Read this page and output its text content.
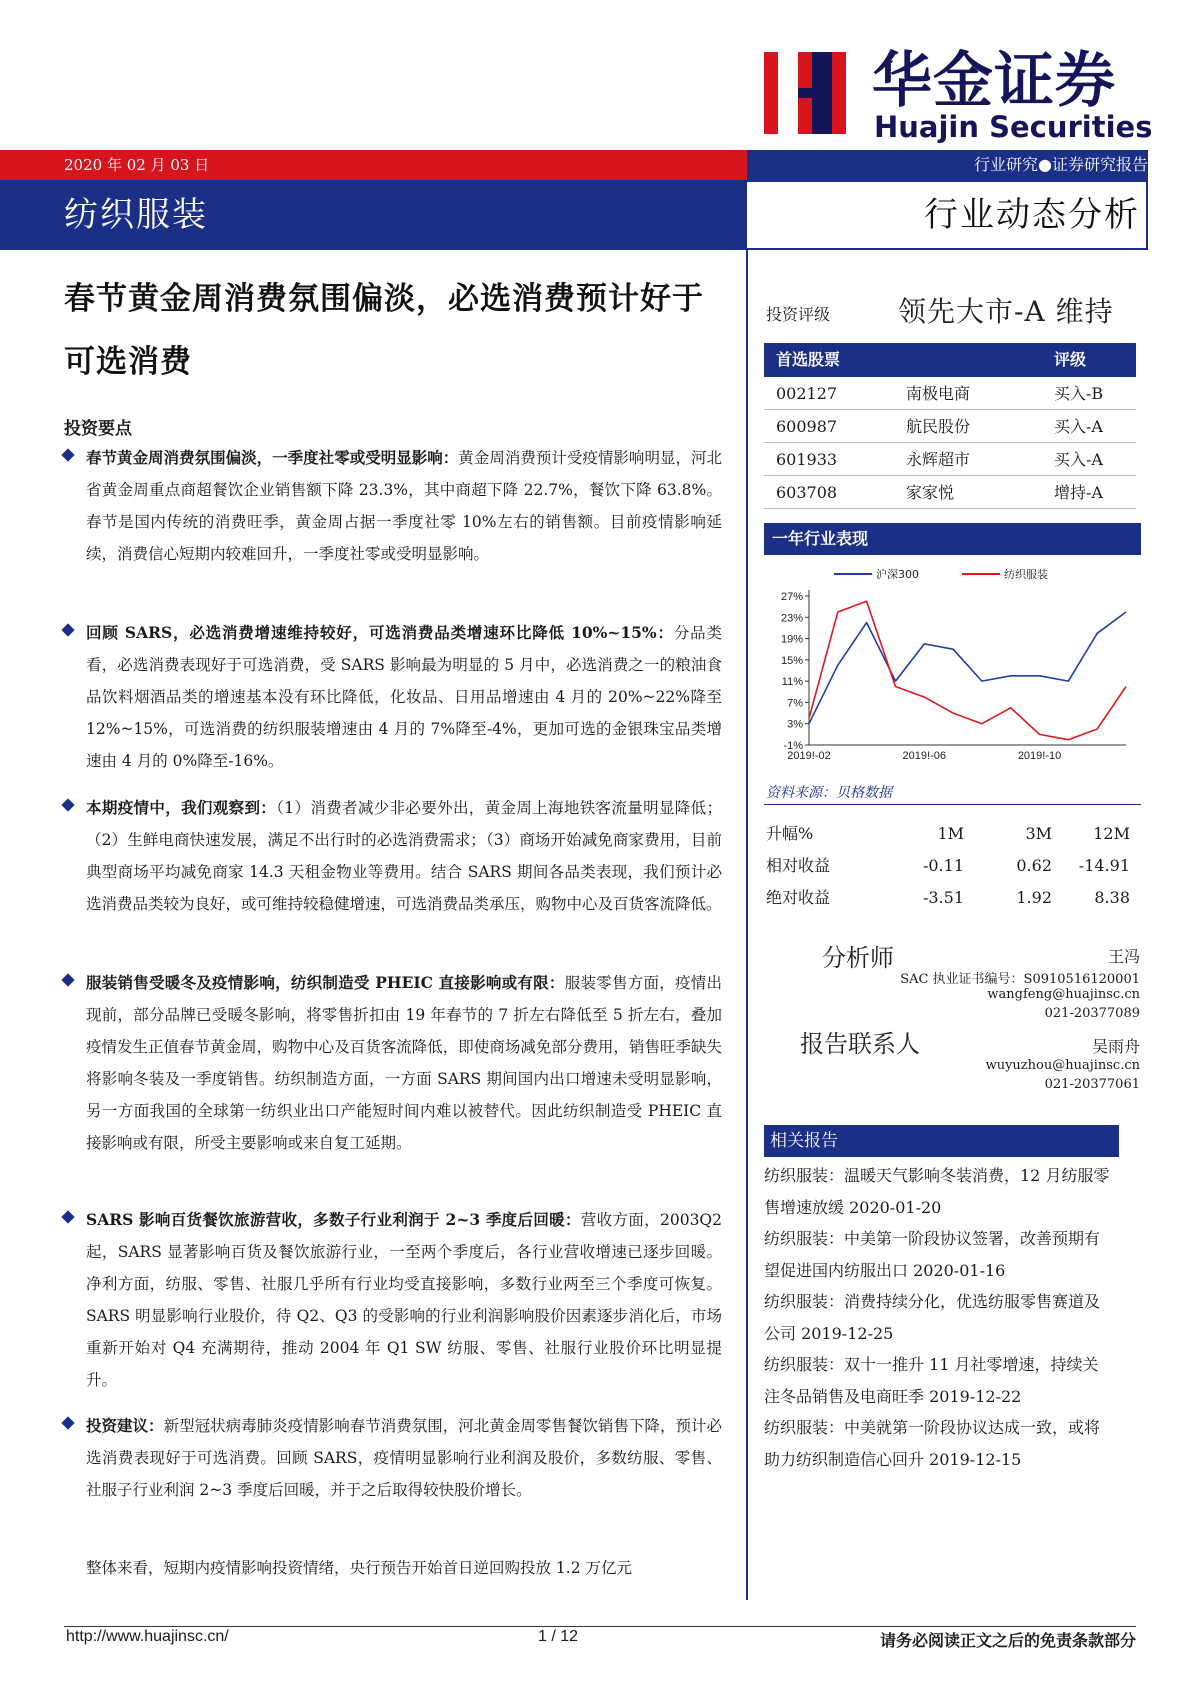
华金证券
Huajin Securities
2020 年 02 月 03 日	行业研究●证券研究报告
纺织服装	行业动态分析
春节黄金周消费氛围偏淡，必选消费预计好于可选消费
投资要点
春节黄金周消费氛围偏淡，一季度社零或受明显影响：黄金周消费预计受疫情影响明显，河北省黄金周重点商超餐饮企业销售额下降 23.3%，其中商超下降 22.7%，餐饮下降 63.8%。春节是国内传统的消费旺季，黄金周占据一季度社零 10%左右的销售额。目前疫情影响延续，消费信心短期内较难回升，一季度社零或受明显影响。
回顾 SARS，必选消费增速维持较好，可选消费品类增速环比降低 10%~15%：分品类看，必选消费表现好于可选消费，受 SARS 影响最为明显的 5 月中，必选消费之一的粮油食品饮料烟酒品类的增速基本没有环比降低，化妆品、日用品增速由 4 月的 20%~22%降至 12%~15%，可选消费的纺织服装增速由 4 月的 7%降至-4%，更加可选的金银珠宝品类增速由 4 月的 0%降至-16%。
本期疫情中，我们观察到：（1）消费者减少非必要外出，黄金周上海地铁客流量明显降低；（2）生鲜电商快速发展，满足不出行时的必选消费需求；（3）商场开始减免商家费用，目前典型商场平均减免商家 14.3 天租金物业等费用。结合 SARS 期间各品类表现，我们预计必选消费品类较为良好，或可维持较稳健增速，可选消费品类承压，购物中心及百货客流降低。
服装销售受暖冬及疫情影响，纺织制造受 PHEIC 直接影响或有限：服装零售方面，疫情出现前，部分品牌已受暖冬影响，将零售折扣由 19 年春节的 7 折左右降低至 5 折左右，叠加疫情发生正值春节黄金周，购物中心及百货客流降低，即使商场减免部分费用，销售旺季缺失将影响冬装及一季度销售。纺织制造方面，一方面 SARS 期间国内出口增速未受明显影响，另一方面我国的全球第一纺织业出口产能短时间内难以被替代。因此纺织制造受 PHEIC 直接影响或有限，所受主要影响或来自复工延期。
SARS 影响百货餐饮旅游营收，多数子行业利润于 2~3 季度后回暖：营收方面，2003Q2 起，SARS 显著影响百货及餐饮旅游行业，一至两个季度后，各行业营收增速已逐步回暖。净利方面，纺服、零售、社服几乎所有行业均受直接影响，多数行业两至三个季度可恢复。SARS 明显影响行业股价，待 Q2、Q3 的受影响的行业利润影响股价因素逐步消化后，市场重新开始对 Q4 充满期待，推动 2004 年 Q1 SW 纺服、零售、社服行业股价环比明显提升。
投资建议：新型冠状病毒肺炎疫情影响春节消费氛围，河北黄金周零售餐饮销售下降，预计必选消费表现好于可选消费。回顾 SARS，疫情明显影响行业利润及股价，多数纺服、零售、社服子行业利润 2~3 季度后回暖，并于之后取得较快股价增长。
整体来看，短期内疫情影响投资情绪，央行预告开始首日逆回购投放 1.2 万亿元
投资评级 领先大市-A 维持
首选股票	评级
002127	南极电商	买入-B
600987	航民股份	买入-A
601933	永辉超市	买入-A
603708	家家悦	增持-A
一年行业表现
沪深300	纺织服装
27%
23%
19%
15%
11%
7%
3%
-1%
2019!-02	2019!-06	2019!-10
资料来源：贝格数据
升幅%	1M	3M	12M
相对收益	-0.11	0.62	-14.91
绝对收益	-3.51	1.92	8.38
分析师	王冯
SAC 执业证书编号：S0910516120001
wangfeng@huajinsc.cn
021-20377089
报告联系人	吴雨舟
wuyuzhou@huajinsc.cn
021-20377061
相关报告
纺织服装：温暖天气影响冬装消费，12 月纺服零售增速放缓 2020-01-20
纺织服装：中美第一阶段协议签署，改善预期有望促进国内纺服出口 2020-01-16
纺织服装：消费持续分化，优选纺服零售赛道及公司 2019-12-25
纺织服装：双十一推升 11 月社零增速，持续关注冬品销售及电商旺季 2019-12-22
纺织服装：中美就第一阶段协议达成一致，或将助力纺织制造信心回升 2019-12-15
http://www.huajinsc.cn/	1 / 12	请务必阅读正文之后的免责条款部分
